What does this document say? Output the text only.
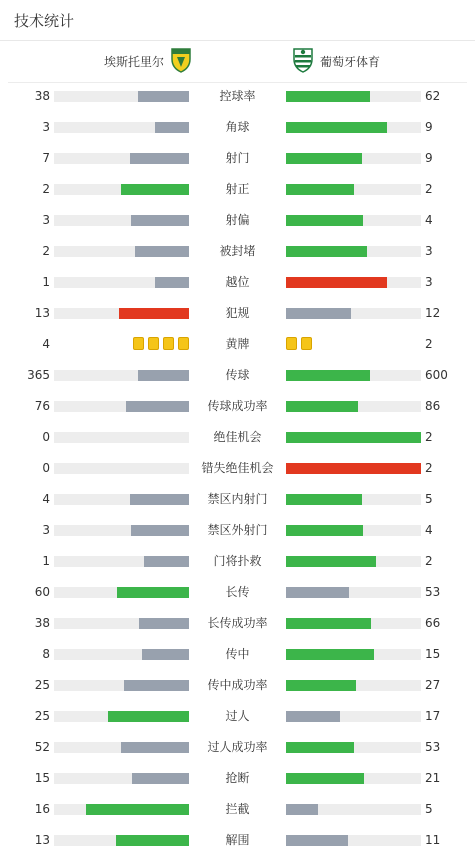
技术统计
埃斯托里尔	葡萄牙体育
38	控球率	62
3	角球	9
7	射门	9
2	射正	2
3	射偏	4
2	被封堵	3
1	越位	3
13	犯规	12
4	黄牌	2
365	传球	600
76	传球成功率	86
0	绝佳机会	2
0	错失绝佳机会	2
4	禁区内射门	5
3	禁区外射门	4
1	门将扑救	2
60	长传	53
38	长传成功率	66
8	传中	15
25	传中成功率	27
25	过人	17
52	过人成功率	53
15	抢断	21
16	拦截	5
13	解围	11
